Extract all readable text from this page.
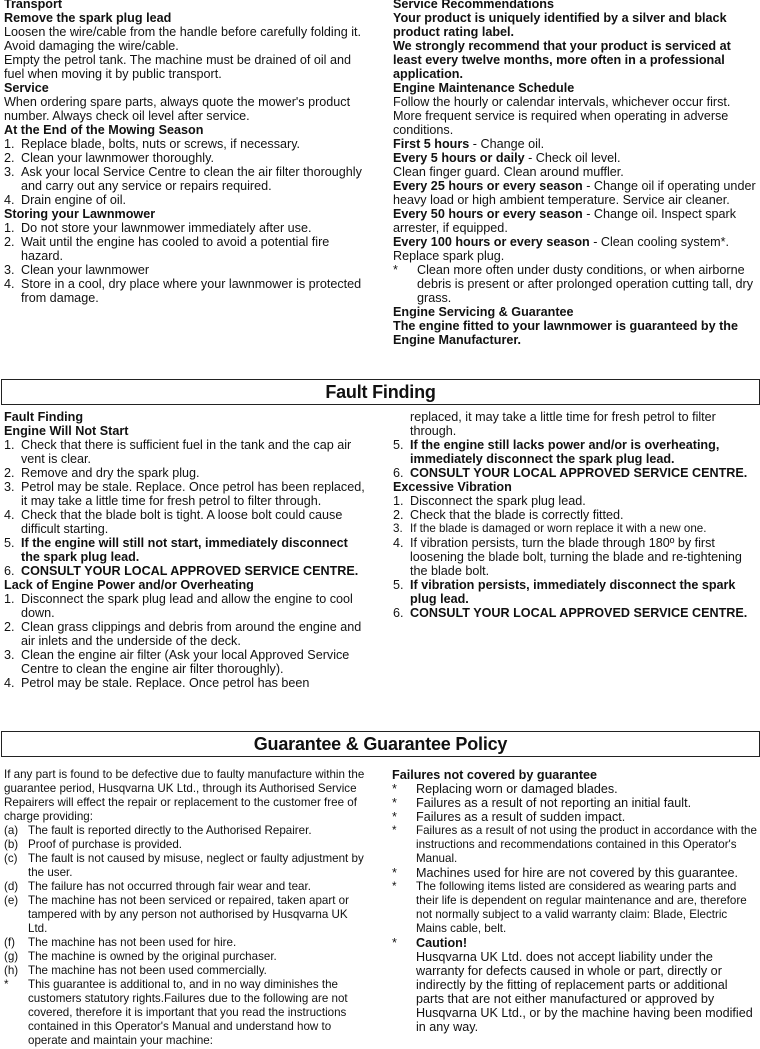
Transport
Remove the spark plug lead

Loosen the wire/cable from the handle before carefully folding it. Avoid damaging the wire/cable.

Empty the petrol tank. The machine must be drained of oil and fuel when moving it by public transport.

Service

When ordering spare parts, always quote the mower's product number. Always check oil level after service.

At the End of the Mowing Season
1. Replace blade, bolts, nuts or screws, if necessary.
2. Clean your lawnmower thoroughly.
3. Ask your local Service Centre to clean the air filter thoroughly and carry out any service or repairs required.
4. Drain engine of oil.
Storing your Lawnmower
1. Do not store your lawnmower immediately after use.
2. Wait until the engine has cooled to avoid a potential fire hazard.
3. Clean your lawnmower
4. Store in a cool, dry place where your lawnmower is protected from damage.
Service Recommendations

Your product is uniquely identified by a silver and black product rating label.

We strongly recommend that your product is serviced at least every twelve months, more often in a professional application.

Engine Maintenance Schedule

Follow the hourly or calendar intervals, whichever occur first. More frequent service is required when operating in adverse conditions.

First 5 hours - Change oil.

Every 5 hours or daily - Check oil level.

Clean finger guard. Clean around muffler.

Every 25 hours or every season - Change oil if operating under heavy load or high ambient temperature. Service air cleaner.

Every 50 hours or every season - Change oil. Inspect spark arrester, if equipped.

Every 100 hours or every season - Clean cooling system*. Replace spark plug.

* Clean more often under dusty conditions, or when airborne debris is present or after prolonged operation cutting tall, dry grass.
Engine Servicing & Guarantee

The engine fitted to your lawnmower is guaranteed by the Engine Manufacturer.

Fault Finding
Fault Finding
Engine Will Not Start
1. Check that there is sufficient fuel in the tank and the cap air vent is clear.
2. Remove and dry the spark plug.
3. Petrol may be stale. Replace. Once petrol has been replaced, it may take a little time for fresh petrol to filter through.
4. Check that the blade bolt is tight. A loose bolt could cause difficult starting.
5. If the engine will still not start, immediately disconnect the spark plug lead.
6. CONSULT YOUR LOCAL APPROVED SERVICE CENTRE.
Lack of Engine Power and/or Overheating
1. Disconnect the spark plug lead and allow the engine to cool down.
2. Clean grass clippings and debris from around the engine and air inlets and the underside of the deck.
3. Clean the engine air filter (Ask your local Approved Service Centre to clean the engine air filter thoroughly).
4. Petrol may be stale. Replace. Once petrol has been

replaced, it may take a little time for fresh petrol to filter through.

5. If the engine still lacks power and/or is overheating, immediately disconnect the spark plug lead.
6. CONSULT YOUR LOCAL APPROVED SERVICE CENTRE.
Excessive Vibration
1. Disconnect the spark plug lead.
2. Check that the blade is correctly fitted.
3. If the blade is damaged or worn replace it with a new one.
4. If vibration persists, turn the blade through 180º by first loosening the blade bolt, turning the blade and re-tightening the blade bolt.
5. If vibration persists, immediately disconnect the spark plug lead.
6. CONSULT YOUR LOCAL APPROVED SERVICE CENTRE.
Guarantee & Guarantee Policy

If any part is found to be defective due to faulty manufacture within the guarantee period, Husqvarna UK Ltd., through its Authorised Service Repairers will effect the repair or replacement to the customer free of charge providing:

(a) The fault is reported directly to the Authorised Repairer.
(b) Proof of purchase is provided.
(c) The fault is not caused by misuse, neglect or faulty adjustment by the user.
(d) The failure has not occurred through fair wear and tear.
(e) The machine has not been serviced or repaired, taken apart or tampered with by any person not authorised by Husqvarna UK Ltd.
(f) The machine has not been used for hire.
(g) The machine is owned by the original purchaser.
(h) The machine has not been used commercially.
* This guarantee is additional to, and in no way diminishes the customers statutory rights.Failures due to the following are not covered, therefore it is important that you read the instructions contained in this Operator's Manual and understand how to operate and maintain your machine:
Failures not covered by guarantee
* Replacing worn or damaged blades.
* Failures as a result of not reporting an initial fault.
* Failures as a result of sudden impact.
* Failures as a result of not using the product in accordance with the instructions and recommendations contained in this Operator's Manual.
* Machines used for hire are not covered by this guarantee.
* The following items listed are considered as wearing parts and their life is dependent on regular maintenance and are, therefore not normally subject to a valid warranty claim: Blade, Electric Mains cable, belt.
* Caution!
Husqvarna UK Ltd. does not accept liability under the warranty for defects caused in whole or part, directly or indirectly by the fitting of replacement parts or additional parts that are not either manufactured or approved by Husqvarna UK Ltd., or by the machine having been modified in any way.
